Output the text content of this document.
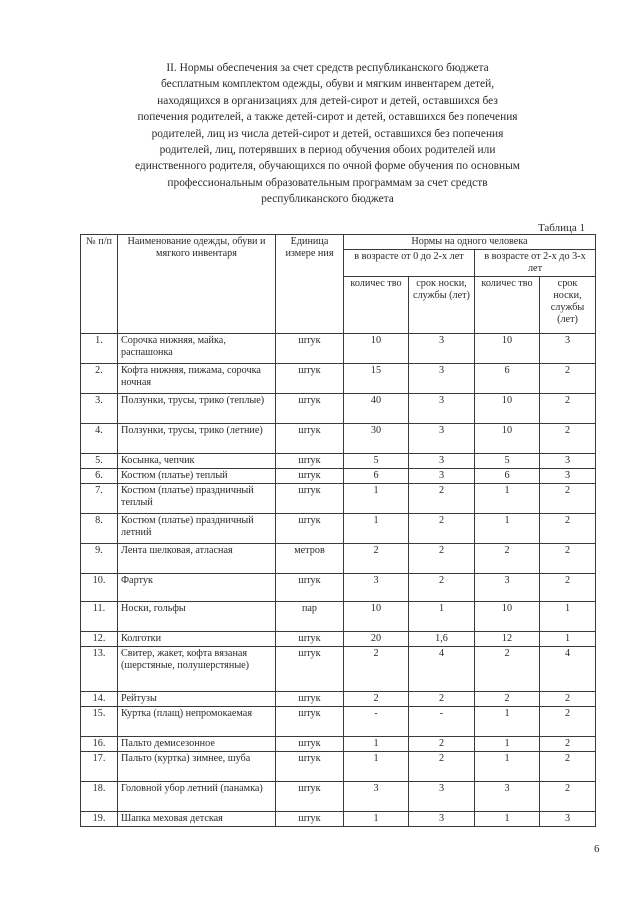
II. Нормы обеспечения за счет средств республиканского бюджета
бесплатным комплектом одежды, обуви и мягким инвентарем детей,
находящихся в организациях для детей-сирот и детей, оставшихся без
попечения родителей, а также детей-сирот и детей, оставшихся без попечения
родителей, лиц из числа детей-сирот и детей, оставшихся без попечения
родителей, лиц, потерявших в период обучения обоих родителей или
единственного родителя, обучающихся по очной форме обучения по основным
профессиональным образовательным программам за счет средств
республиканского бюджета
Таблица 1
№ п/п	Наименование одежды, обуви и мягкого инвентаря	Единица измере ния	Нормы на одного человека			
			в возрасте от 0 до 2-х лет		в возрасте от 2-х до 3-х лет	
			количес тво	срок носки, службы (лет)	количес тво	срок носки, службы (лет)
1.	Сорочка нижняя, майка, распашонка	штук	10	3	10	3
2.	Кофта нижняя, пижама, сорочка ночная	штук	15	3	6	2
3.	Ползунки, трусы, трико (теплые)	штук	40	3	10	2
4.	Ползунки, трусы, трико (летние)	штук	30	3	10	2
5.	Косынка, чепчик	штук	5	3	5	3
6.	Костюм (платье) теплый	штук	6	3	6	3
7.	Костюм (платье) праздничный теплый	штук	1	2	1	2
8.	Костюм (платье) праздничный летний	штук	1	2	1	2
9.	Лента шелковая, атласная	метров	2	2	2	2
10.	Фартук	штук	3	2	3	2
11.	Носки, гольфы	пар	10	1	10	1
12.	Колготки	штук	20	1,6	12	1
13.	Свитер, жакет, кофта вязаная (шерстяные, полушерстяные)	штук	2	4	2	4
14.	Рейтузы	штук	2	2	2	2
15.	Куртка (плащ) непромокаемая	штук	-	-	1	2
16.	Пальто демисезонное	штук	1	2	1	2
17.	Пальто (куртка) зимнее, шуба	штук	1	2	1	2
18.	Головной убор летний (панамка)	штук	3	3	3	2
19.	Шапка меховая детская	штук	1	3	1	3
6
